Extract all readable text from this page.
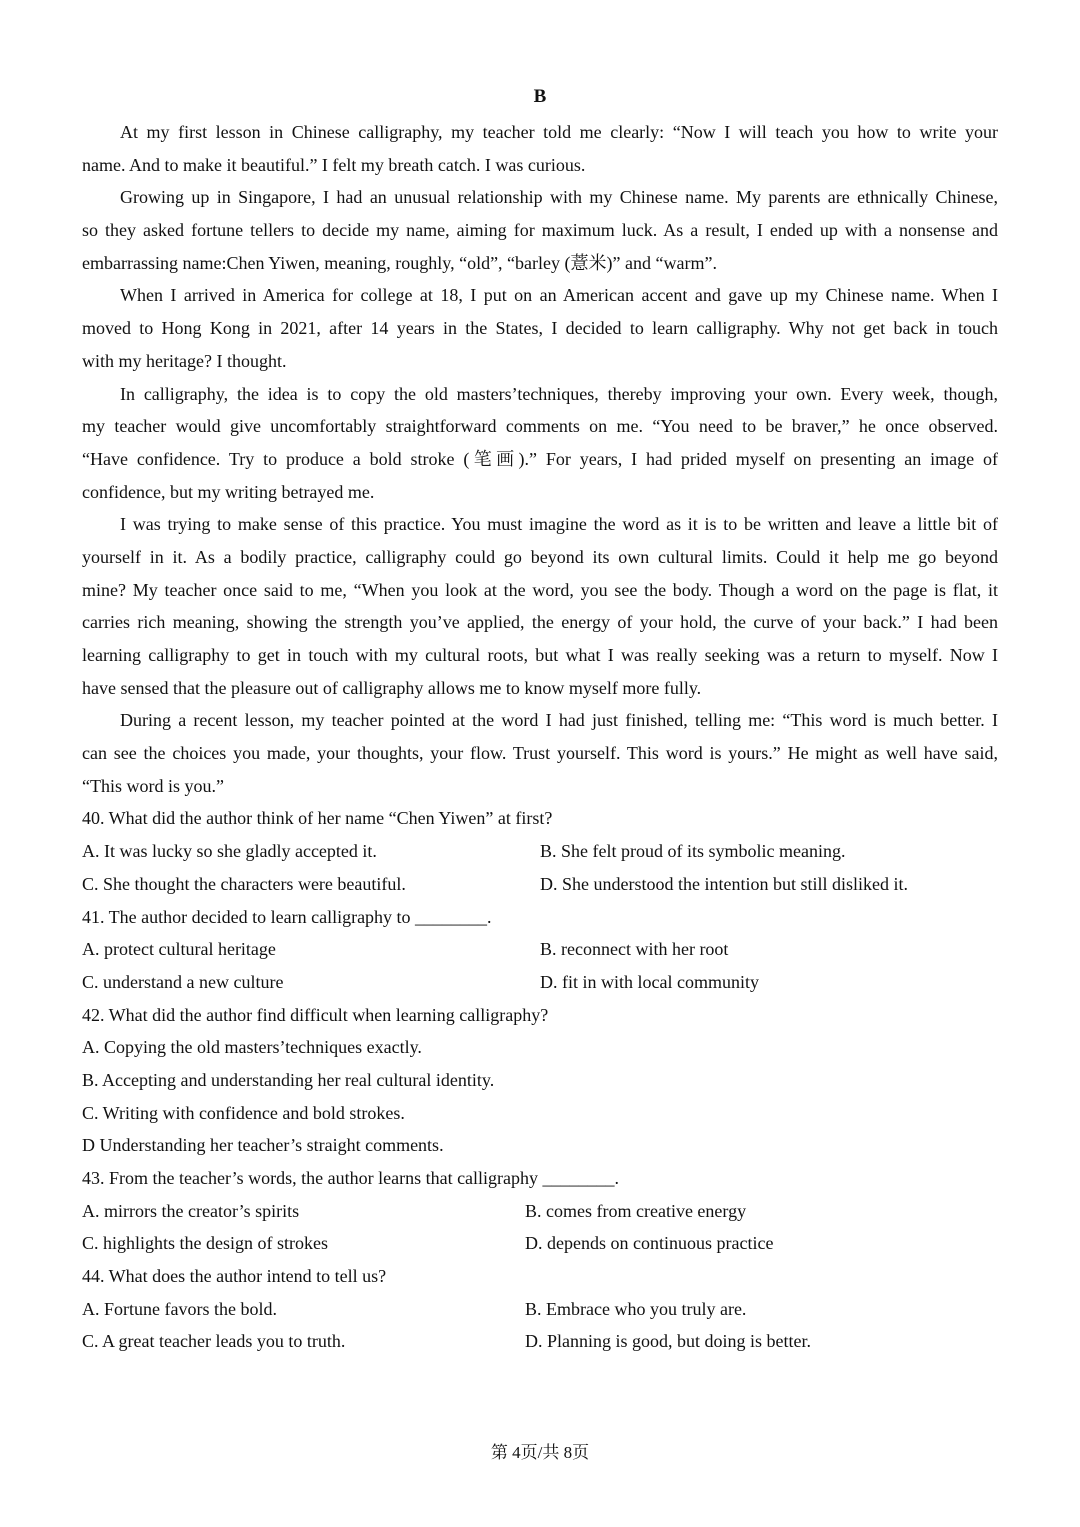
B
At my first lesson in Chinese calligraphy, my teacher told me clearly: “Now I will teach you how to write your
name. And to make it beautiful.” I felt my breath catch. I was curious.
Growing up in Singapore, I had an unusual relationship with my Chinese name. My parents are ethnically Chinese,
so they asked fortune tellers to decide my name, aiming for maximum luck. As a result, I ended up with a nonsense and
embarrassing name:Chen Yiwen, meaning, roughly, “old”, “barley (薏米)” and “warm”.
When I arrived in America for college at 18, I put on an American accent and gave up my Chinese name. When I
moved to Hong Kong in 2021, after 14 years in the States, I decided to learn calligraphy. Why not get back in touch
with my heritage? I thought.
In calligraphy, the idea is to copy the old masters’techniques, thereby improving your own. Every week, though,
my teacher would give uncomfortably straightforward comments on me. “You need to be braver,” he once observed.
“Have confidence. Try to produce a bold stroke (笔画).” For years, I had prided myself on presenting an image of
confidence, but my writing betrayed me.
I was trying to make sense of this practice. You must imagine the word as it is to be written and leave a little bit of
yourself in it. As a bodily practice, calligraphy could go beyond its own cultural limits. Could it help me go beyond
mine? My teacher once said to me, “When you look at the word, you see the body. Though a word on the page is flat, it
carries rich meaning, showing the strength you’ve applied, the energy of your hold, the curve of your back.” I had been
learning calligraphy to get in touch with my cultural roots, but what I was really seeking was a return to myself. Now I
have sensed that the pleasure out of calligraphy allows me to know myself more fully.
During a recent lesson, my teacher pointed at the word I had just finished, telling me: “This word is much better. I
can see the choices you made, your thoughts, your flow. Trust yourself. This word is yours.” He might as well have said,
“This word is you.”
40. What did the author think of her name “Chen Yiwen” at first?
A. It was lucky so she gladly accepted it.	B. She felt proud of its symbolic meaning.
C. She thought the characters were beautiful.	D. She understood the intention but still disliked it.
41. The author decided to learn calligraphy to ________.
A. protect cultural heritage	B. reconnect with her root
C. understand a new culture	D. fit in with local community
42. What did the author find difficult when learning calligraphy?
A. Copying the old masters’techniques exactly.
B. Accepting and understanding her real cultural identity.
C. Writing with confidence and bold strokes.
D Understanding her teacher’s straight comments.
43. From the teacher’s words, the author learns that calligraphy ________.
A. mirrors the creator’s spirits	B. comes from creative energy
C. highlights the design of strokes	D. depends on continuous practice
44. What does the author intend to tell us?
A. Fortune favors the bold.	B. Embrace who you truly are.
C. A great teacher leads you to truth.	D. Planning is good, but doing is better.
第 4页/共 8页
